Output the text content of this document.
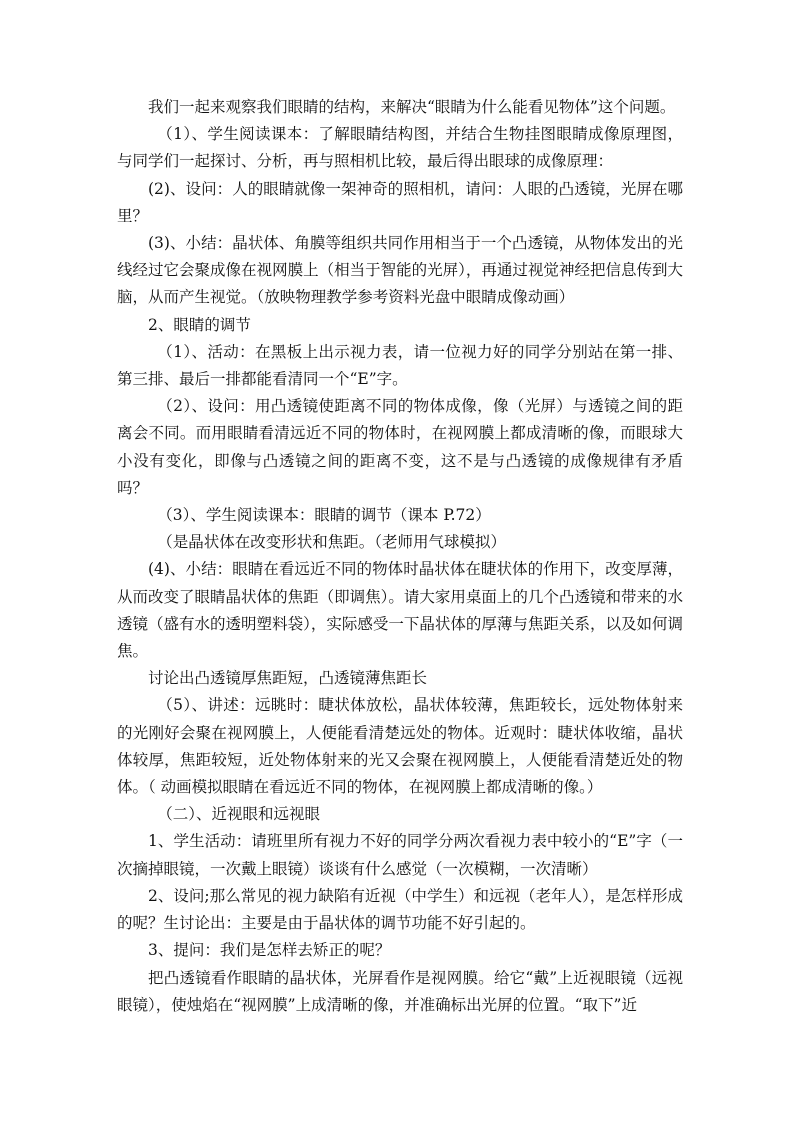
我们一起来观察我们眼睛的结构，来解决“眼睛为什么能看见物体”这个问题。

（1）、学生阅读课本：了解眼睛结构图，并结合生物挂图眼睛成像原理图，与同学们一起探讨、分析，再与照相机比较，最后得出眼球的成像原理：

(2)、设问：人的眼睛就像一架神奇的照相机，请问：人眼的凸透镜，光屏在哪里？

(3)、小结：晶状体、角膜等组织共同作用相当于一个凸透镜，从物体发出的光线经过它会聚成像在视网膜上（相当于智能的光屏），再通过视觉神经把信息传到大脑，从而产生视觉。（放映物理教学参考资料光盘中眼睛成像动画）

2、眼睛的调节

（1）、活动：在黑板上出示视力表，请一位视力好的同学分别站在第一排、第三排、最后一排都能看清同一个“E”字。

（2）、设问：用凸透镜使距离不同的物体成像，像（光屏）与透镜之间的距离会不同。而用眼睛看清远近不同的物体时，在视网膜上都成清晰的像，而眼球大小没有变化，即像与凸透镜之间的距离不变，这不是与凸透镜的成像规律有矛盾吗？

（3）、学生阅读课本：眼睛的调节（课本 P.72）

（是晶状体在改变形状和焦距。（老师用气球模拟）

(4)、小结：眼睛在看远近不同的物体时晶状体在睫状体的作用下，改变厚薄，从而改变了眼睛晶状体的焦距（即调焦）。请大家用桌面上的几个凸透镜和带来的水透镜（盛有水的透明塑料袋），实际感受一下晶状体的厚薄与焦距关系，以及如何调焦。

讨论出凸透镜厚焦距短，凸透镜薄焦距长

（5）、讲述：远眺时：睫状体放松，晶状体较薄，焦距较长，远处物体射来的光刚好会聚在视网膜上，人便能看清楚远处的物体。近观时：睫状体收缩，晶状体较厚，焦距较短，近处物体射来的光又会聚在视网膜上，人便能看清楚近处的物体。（ 动画模拟眼睛在看远近不同的物体，在视网膜上都成清晰的像。）

（二）、近视眼和远视眼

1、学生活动：请班里所有视力不好的同学分两次看视力表中较小的“E”字（一次摘掉眼镜，一次戴上眼镜）谈谈有什么感觉（一次模糊，一次清晰）

2、设问;那么常见的视力缺陷有近视（中学生）和远视（老年人），是怎样形成的呢？生讨论出：主要是由于晶状体的调节功能不好引起的。

3、提问：我们是怎样去矫正的呢？

把凸透镜看作眼睛的晶状体，光屏看作是视网膜。给它“戴”上近视眼镜（远视眼镜），使烛焰在“视网膜”上成清晰的像，并准确标出光屏的位置。“取下”近
